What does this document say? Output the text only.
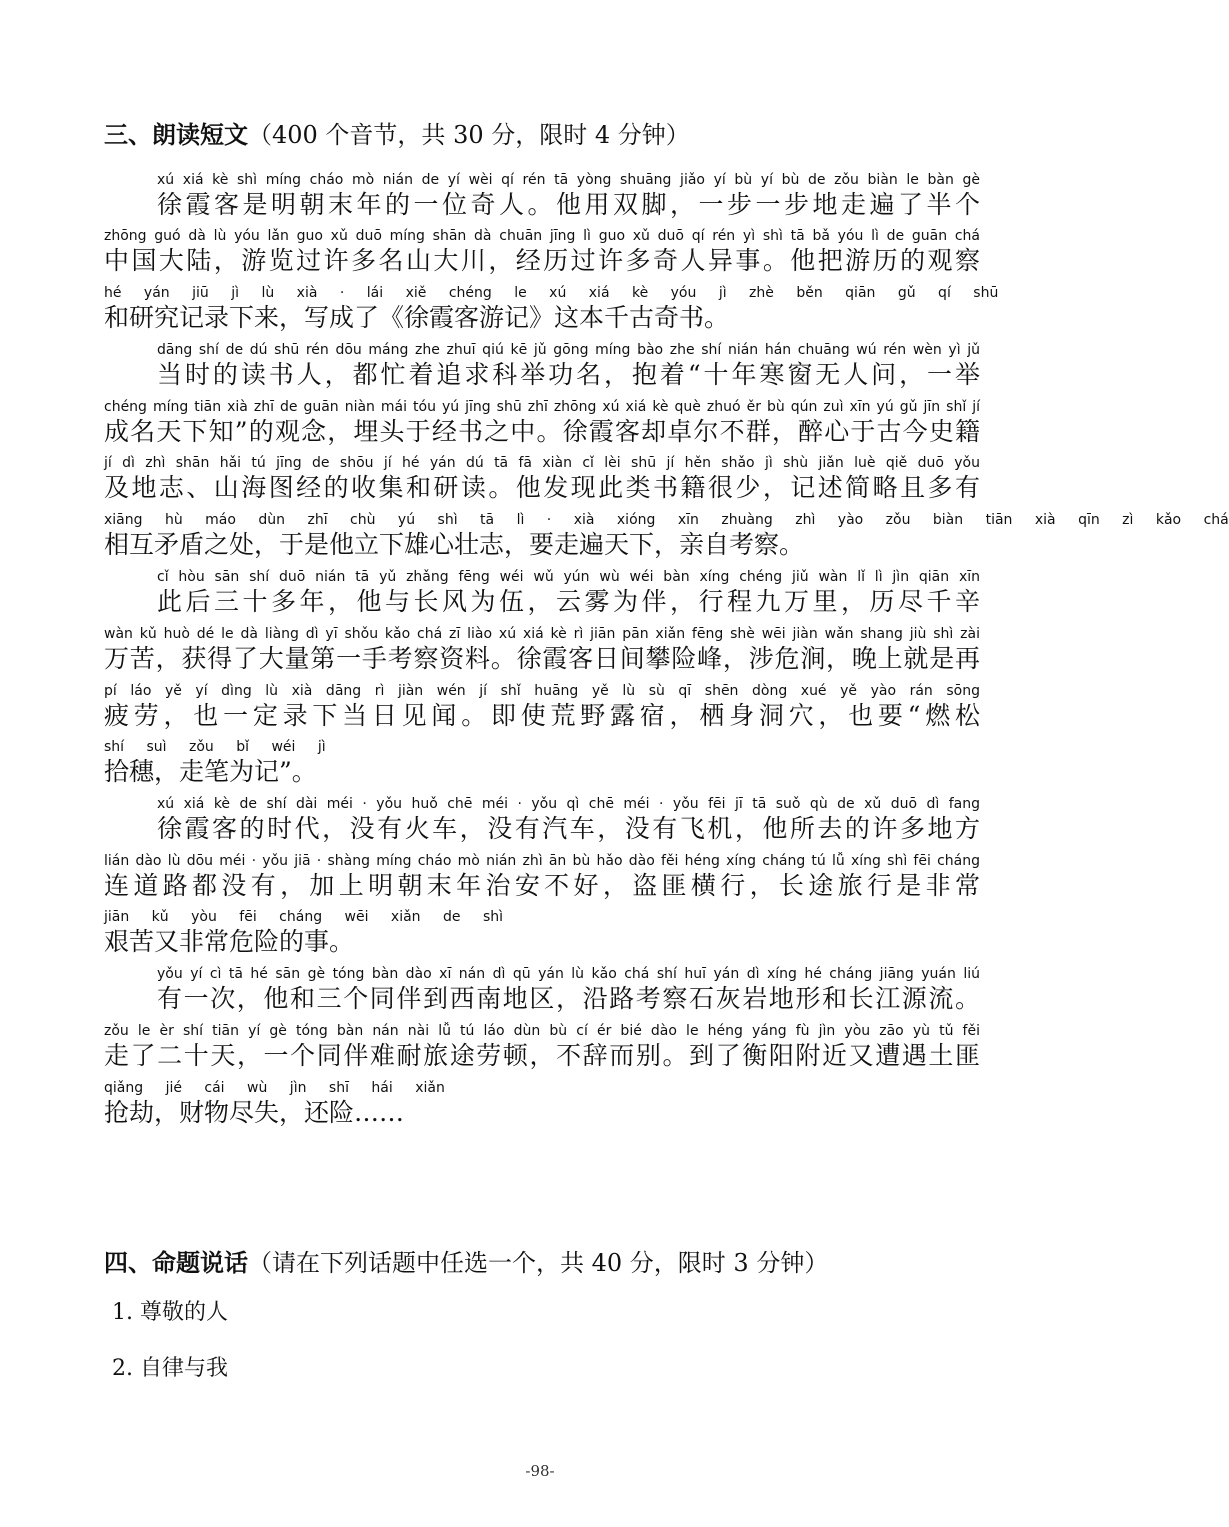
三、朗读短文（400 个音节，共 30 分，限时 4 分钟）
xú xiá kè shì míng cháo mò nián de yí wèi qí rén tā yòng shuāng jiǎo yí bù yí bù de zǒu biàn le bàn gè
徐霞客是明朝末年的一位奇人。他用双脚，一步一步地走遍了半个
zhōng guó dà lù yóu lǎn guo xǔ duō míng shān dà chuān jīng lì guo xǔ duō qí rén yì shì tā bǎ yóu lì de guān chá
中国大陆，游览过许多名山大川，经历过许多奇人异事。他把游历的观察
hé yán jiū jì lù xià · lái xiě chéng le xú xiá kè yóu jì zhè běn qiān gǔ qí shū
和研究记录下来，写成了《徐霞客游记》这本千古奇书。
dāng shí de dú shū rén dōu máng zhe zhuī qiú kē jǔ gōng míng bào zhe shí nián hán chuāng wú rén wèn yì jǔ
当时的读书人，都忙着追求科举功名，抱着“十年寒窗无人问，一举
chéng míng tiān xià zhī de guān niàn mái tóu yú jīng shū zhī zhōng xú xiá kè què zhuó ěr bù qún zuì xīn yú gǔ jīn shǐ jí
成名天下知”的观念，埋头于经书之中。徐霞客却卓尔不群，醉心于古今史籍
jí dì zhì shān hǎi tú jīng de shōu jí hé yán dú tā fā xiàn cǐ lèi shū jí hěn shǎo jì shù jiǎn luè qiě duō yǒu
及地志、山海图经的收集和研读。他发现此类书籍很少，记述简略且多有
xiāng hù máo dùn zhī chù yú shì tā lì · xià xióng xīn zhuàng zhì yào zǒu biàn tiān xià qīn zì kǎo chá
相互矛盾之处，于是他立下雄心壮志，要走遍天下，亲自考察。
cǐ hòu sān shí duō nián tā yǔ zhǎng fēng wéi wǔ yún wù wéi bàn xíng chéng jiǔ wàn lǐ lì jìn qiān xīn
此后三十多年，他与长风为伍，云雾为伴，行程九万里，历尽千辛
wàn kǔ huò dé le dà liàng dì yī shǒu kǎo chá zī liào xú xiá kè rì jiān pān xiǎn fēng shè wēi jiàn wǎn shang jiù shì zài
万苦，获得了大量第一手考察资料。徐霞客日间攀险峰，涉危涧，晚上就是再
pí láo yě yí dìng lù xià dāng rì jiàn wén jí shǐ huāng yě lù sù qī shēn dòng xué yě yào rán sōng
疲劳，也一定录下当日见闻。即使荒野露宿，栖身洞穴，也要“燃松
shí suì zǒu bǐ wéi jì
拾穗，走笔为记”。
xú xiá kè de shí dài méi · yǒu huǒ chē méi · yǒu qì chē méi · yǒu fēi jī tā suǒ qù de xǔ duō dì fang
徐霞客的时代，没有火车，没有汽车，没有飞机，他所去的许多地方
lián dào lù dōu méi · yǒu jiā · shàng míng cháo mò nián zhì ān bù hǎo dào fěi héng xíng cháng tú lǚ xíng shì fēi cháng
连道路都没有，加上明朝末年治安不好，盗匪横行，长途旅行是非常
jiān kǔ yòu fēi cháng wēi xiǎn de shì
艰苦又非常危险的事。
yǒu yí cì tā hé sān gè tóng bàn dào xī nán dì qū yán lù kǎo chá shí huī yán dì xíng hé cháng jiāng yuán liú
有一次，他和三个同伴到西南地区，沿路考察石灰岩地形和长江源流。
zǒu le èr shí tiān yí gè tóng bàn nán nài lǚ tú láo dùn bù cí ér bié dào le héng yáng fù jìn yòu zāo yù tǔ fěi
走了二十天，一个同伴难耐旅途劳顿，不辞而别。到了衡阳附近又遭遇土匪
qiǎng jié cái wù jìn shī hái xiǎn
抢劫，财物尽失，还险……
四、命题说话（请在下列话题中任选一个，共 40 分，限时 3 分钟）
1. 尊敬的人
2. 自律与我
-98-
